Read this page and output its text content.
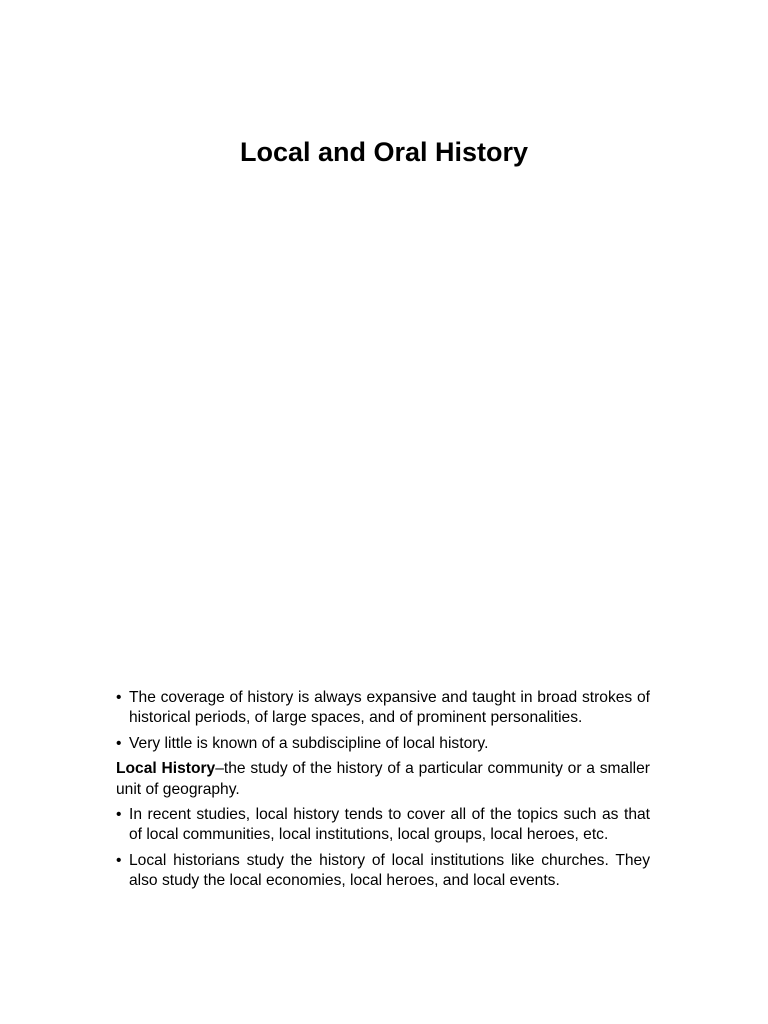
Local and Oral History
• The coverage of history is always expansive and taught in broad strokes of historical periods, of large spaces, and of prominent personalities.
• Very little is known of a subdiscipline of local history.
Local History–the study of the history of a particular community or a smaller unit of geography.
• In recent studies, local history tends to cover all of the topics such as that of local communities, local institutions, local groups, local heroes, etc.
• Local historians study the history of local institutions like churches. They also study the local economies, local heroes, and local events.
